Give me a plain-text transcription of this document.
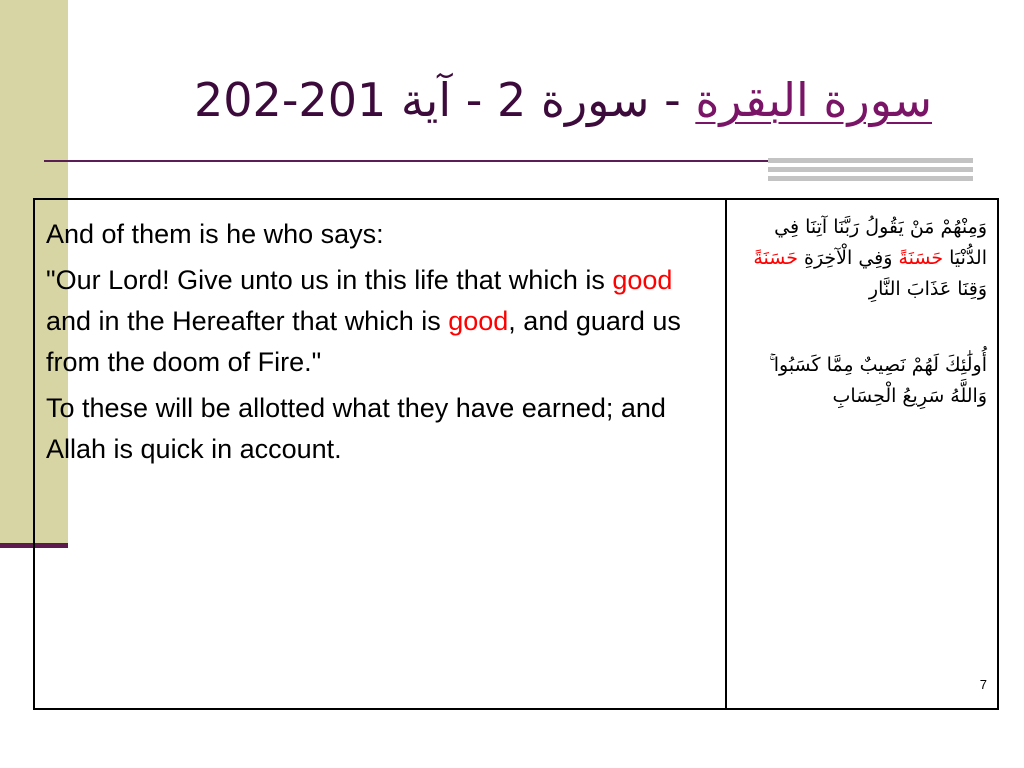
سورة البقرة - سورة 2 - آية 201-202

And of them is he who says:

"Our Lord! Give unto us in this life that which is good and in the Hereafter that which is good, and guard us from the doom of Fire."

To these will be allotted what they have earned; and Allah is quick in account.

وَمِنْهُمْ مَنْ يَقُولُ رَبَّنَا آتِنَا فِي الدُّنْيَا حَسَنَةً وَفِي الْآخِرَةِ حَسَنَةً وَقِنَا عَذَابَ النَّارِ

أُولَٰئِكَ لَهُمْ نَصِيبٌ مِمَّا كَسَبُوا ۚ وَاللَّهُ سَرِيعُ الْحِسَابِ

7
